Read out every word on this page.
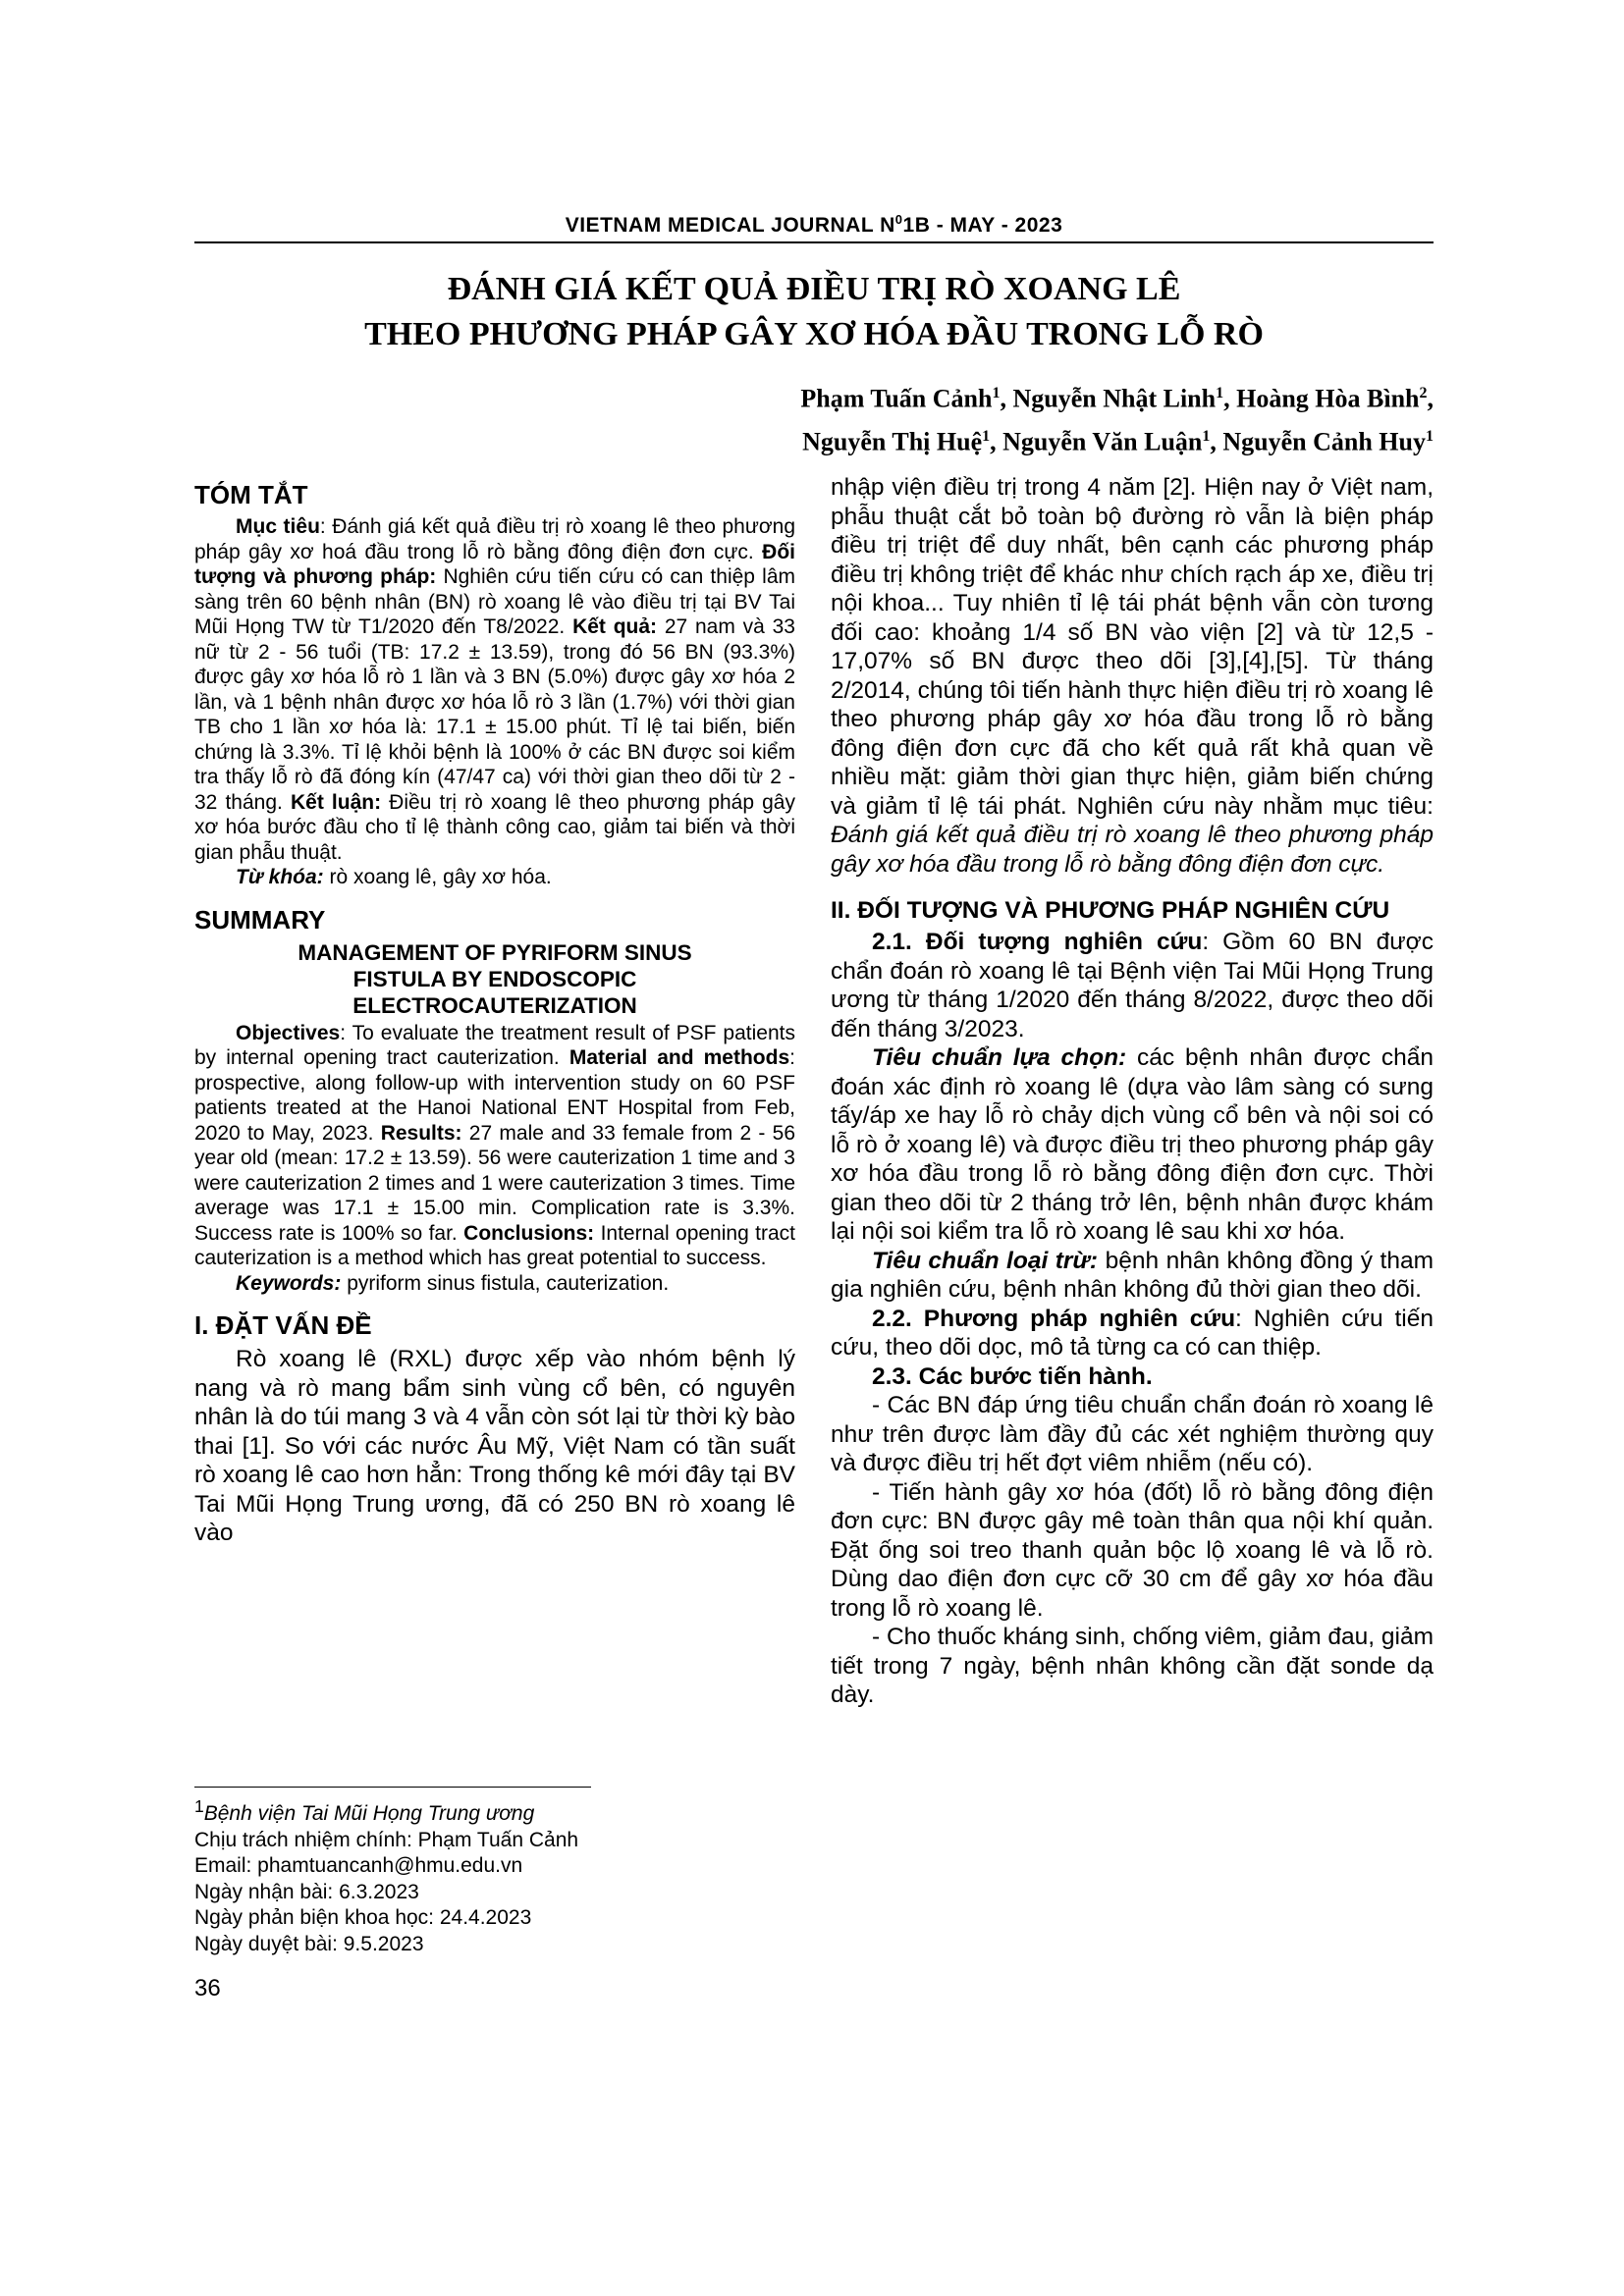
VIETNAM MEDICAL JOURNAL $N^01B$ - MAY - 2023
ĐÁNH GIÁ KẾT QUẢ ĐIỀU TRỊ RÒ XOANG LÊ
THEO PHƯƠNG PHÁP GÂY XƠ HÓA ĐẦU TRONG LỖ RÒ
Phạm Tuấn Cảnh$^1$, Nguyễn Nhật Linh$^1$, Hoàng Hòa Bình$^2$,
Nguyễn Thị Huệ$^1$, Nguyễn Văn Luận$^1$, Nguyễn Cảnh Huy$^1$
TÓM TẮT

Mục tiêu: Đánh giá kết quả điều trị rò xoang lê theo phương pháp gây xơ hoá đầu trong lỗ rò bằng đông điện đơn cực. Đối tượng và phương pháp: Nghiên cứu tiến cứu có can thiệp lâm sàng trên 60 bệnh nhân (BN) rò xoang lê vào điều trị tại BV Tai Mũi Họng TW từ T1/2020 đến T8/2022. Kết quả: 27 nam và 33 nữ từ 2 - 56 tuổi (TB: 17.2 ± 13.59), trong đó 56 BN (93.3%) được gây xơ hóa lỗ rò 1 lần và 3 BN (5.0%) được gây xơ hóa 2 lần, và 1 bệnh nhân được xơ hóa lỗ rò 3 lần (1.7%) với thời gian TB cho 1 lần xơ hóa là: 17.1 ± 15.00 phút. Tỉ lệ tai biến, biến chứng là 3.3%. Tỉ lệ khỏi bệnh là 100% ở các BN được soi kiểm tra thấy lỗ rò đã đóng kín (47/47 ca) với thời gian theo dõi từ 2 - 32 tháng. Kết luận: Điều trị rò xoang lê theo phương pháp gây xơ hóa bước đầu cho tỉ lệ thành công cao, giảm tai biến và thời gian phẫu thuật.

Từ khóa: rò xoang lê, gây xơ hóa.

SUMMARY
MANAGEMENT OF PYRIFORM SINUS
FISTULA BY ENDOSCOPIC
ELECTROCAUTERIZATION

Objectives: To evaluate the treatment result of PSF patients by internal opening tract cauterization. Material and methods: prospective, along follow-up with intervention study on 60 PSF patients treated at the Hanoi National ENT Hospital from Feb, 2020 to May, 2023. Results: 27 male and 33 female from 2 - 56 year old (mean: 17.2 ± 13.59). 56 were cauterization 1 time and 3 were cauterization 2 times and 1 were cauterization 3 times. Time average was 17.1 ± 15.00 min. Complication rate is 3.3%. Success rate is 100% so far. Conclusions: Internal opening tract cauterization is a method which has great potential to success.

Keywords: pyriform sinus fistula, cauterization.

I. ĐẶT VẤN ĐỀ

Rò xoang lê (RXL) được xếp vào nhóm bệnh lý nang và rò mang bẩm sinh vùng cổ bên, có nguyên nhân là do túi mang 3 và 4 vẫn còn sót lại từ thời kỳ bào thai [1]. So với các nước Âu Mỹ, Việt Nam có tần suất rò xoang lê cao hơn hẳn: Trong thống kê mới đây tại BV Tai Mũi Họng Trung ương, đã có 250 BN rò xoang lê vào

$^1$Bệnh viện Tai Mũi Họng Trung ương

Chịu trách nhiệm chính: Phạm Tuấn Cảnh

Email: phamtuancanh@hmu.edu.vn

Ngày nhận bài: 6.3.2023

Ngày phản biện khoa học: 24.4.2023

Ngày duyệt bài: 9.5.2023

36

nhập viện điều trị trong 4 năm [2]. Hiện nay ở Việt nam, phẫu thuật cắt bỏ toàn bộ đường rò vẫn là biện pháp điều trị triệt để duy nhất, bên cạnh các phương pháp điều trị không triệt để khác như chích rạch áp xe, điều trị nội khoa... Tuy nhiên tỉ lệ tái phát bệnh vẫn còn tương đối cao: khoảng 1/4 số BN vào viện [2] và từ 12,5 - 17,07% số BN được theo dõi [3],[4],[5]. Từ tháng 2/2014, chúng tôi tiến hành thực hiện điều trị rò xoang lê theo phương pháp gây xơ hóa đầu trong lỗ rò bằng đông điện đơn cực đã cho kết quả rất khả quan về nhiều mặt: giảm thời gian thực hiện, giảm biến chứng và giảm tỉ lệ tái phát. Nghiên cứu này nhằm mục tiêu: Đánh giá kết quả điều trị rò xoang lê theo phương pháp gây xơ hóa đầu trong lỗ rò bằng đông điện đơn cực.

II. ĐỐI TƯỢNG VÀ PHƯƠNG PHÁP NGHIÊN CỨU

2.1. Đối tượng nghiên cứu: Gồm 60 BN được chẩn đoán rò xoang lê tại Bệnh viện Tai Mũi Họng Trung ương từ tháng 1/2020 đến tháng 8/2022, được theo dõi đến tháng 3/2023.

Tiêu chuẩn lựa chọn: các bệnh nhân được chẩn đoán xác định rò xoang lê (dựa vào lâm sàng có sưng tấy/áp xe hay lỗ rò chảy dịch vùng cổ bên và nội soi có lỗ rò ở xoang lê) và được điều trị theo phương pháp gây xơ hóa đầu trong lỗ rò bằng đông điện đơn cực. Thời gian theo dõi từ 2 tháng trở lên, bệnh nhân được khám lại nội soi kiểm tra lỗ rò xoang lê sau khi xơ hóa.

Tiêu chuẩn loại trừ: bệnh nhân không đồng ý tham gia nghiên cứu, bệnh nhân không đủ thời gian theo dõi.

2.2. Phương pháp nghiên cứu: Nghiên cứu tiến cứu, theo dõi dọc, mô tả từng ca có can thiệp.

2.3. Các bước tiến hành.

- Các BN đáp ứng tiêu chuẩn chẩn đoán rò xoang lê như trên được làm đầy đủ các xét nghiệm thường quy và được điều trị hết đợt viêm nhiễm (nếu có).

- Tiến hành gây xơ hóa (đốt) lỗ rò bằng đông điện đơn cực: BN được gây mê toàn thân qua nội khí quản. Đặt ống soi treo thanh quản bộc lộ xoang lê và lỗ rò. Dùng dao điện đơn cực cỡ 30 cm để gây xơ hóa đầu trong lỗ rò xoang lê.

- Cho thuốc kháng sinh, chống viêm, giảm đau, giảm tiết trong 7 ngày, bệnh nhân không cần đặt sonde dạ dày.
